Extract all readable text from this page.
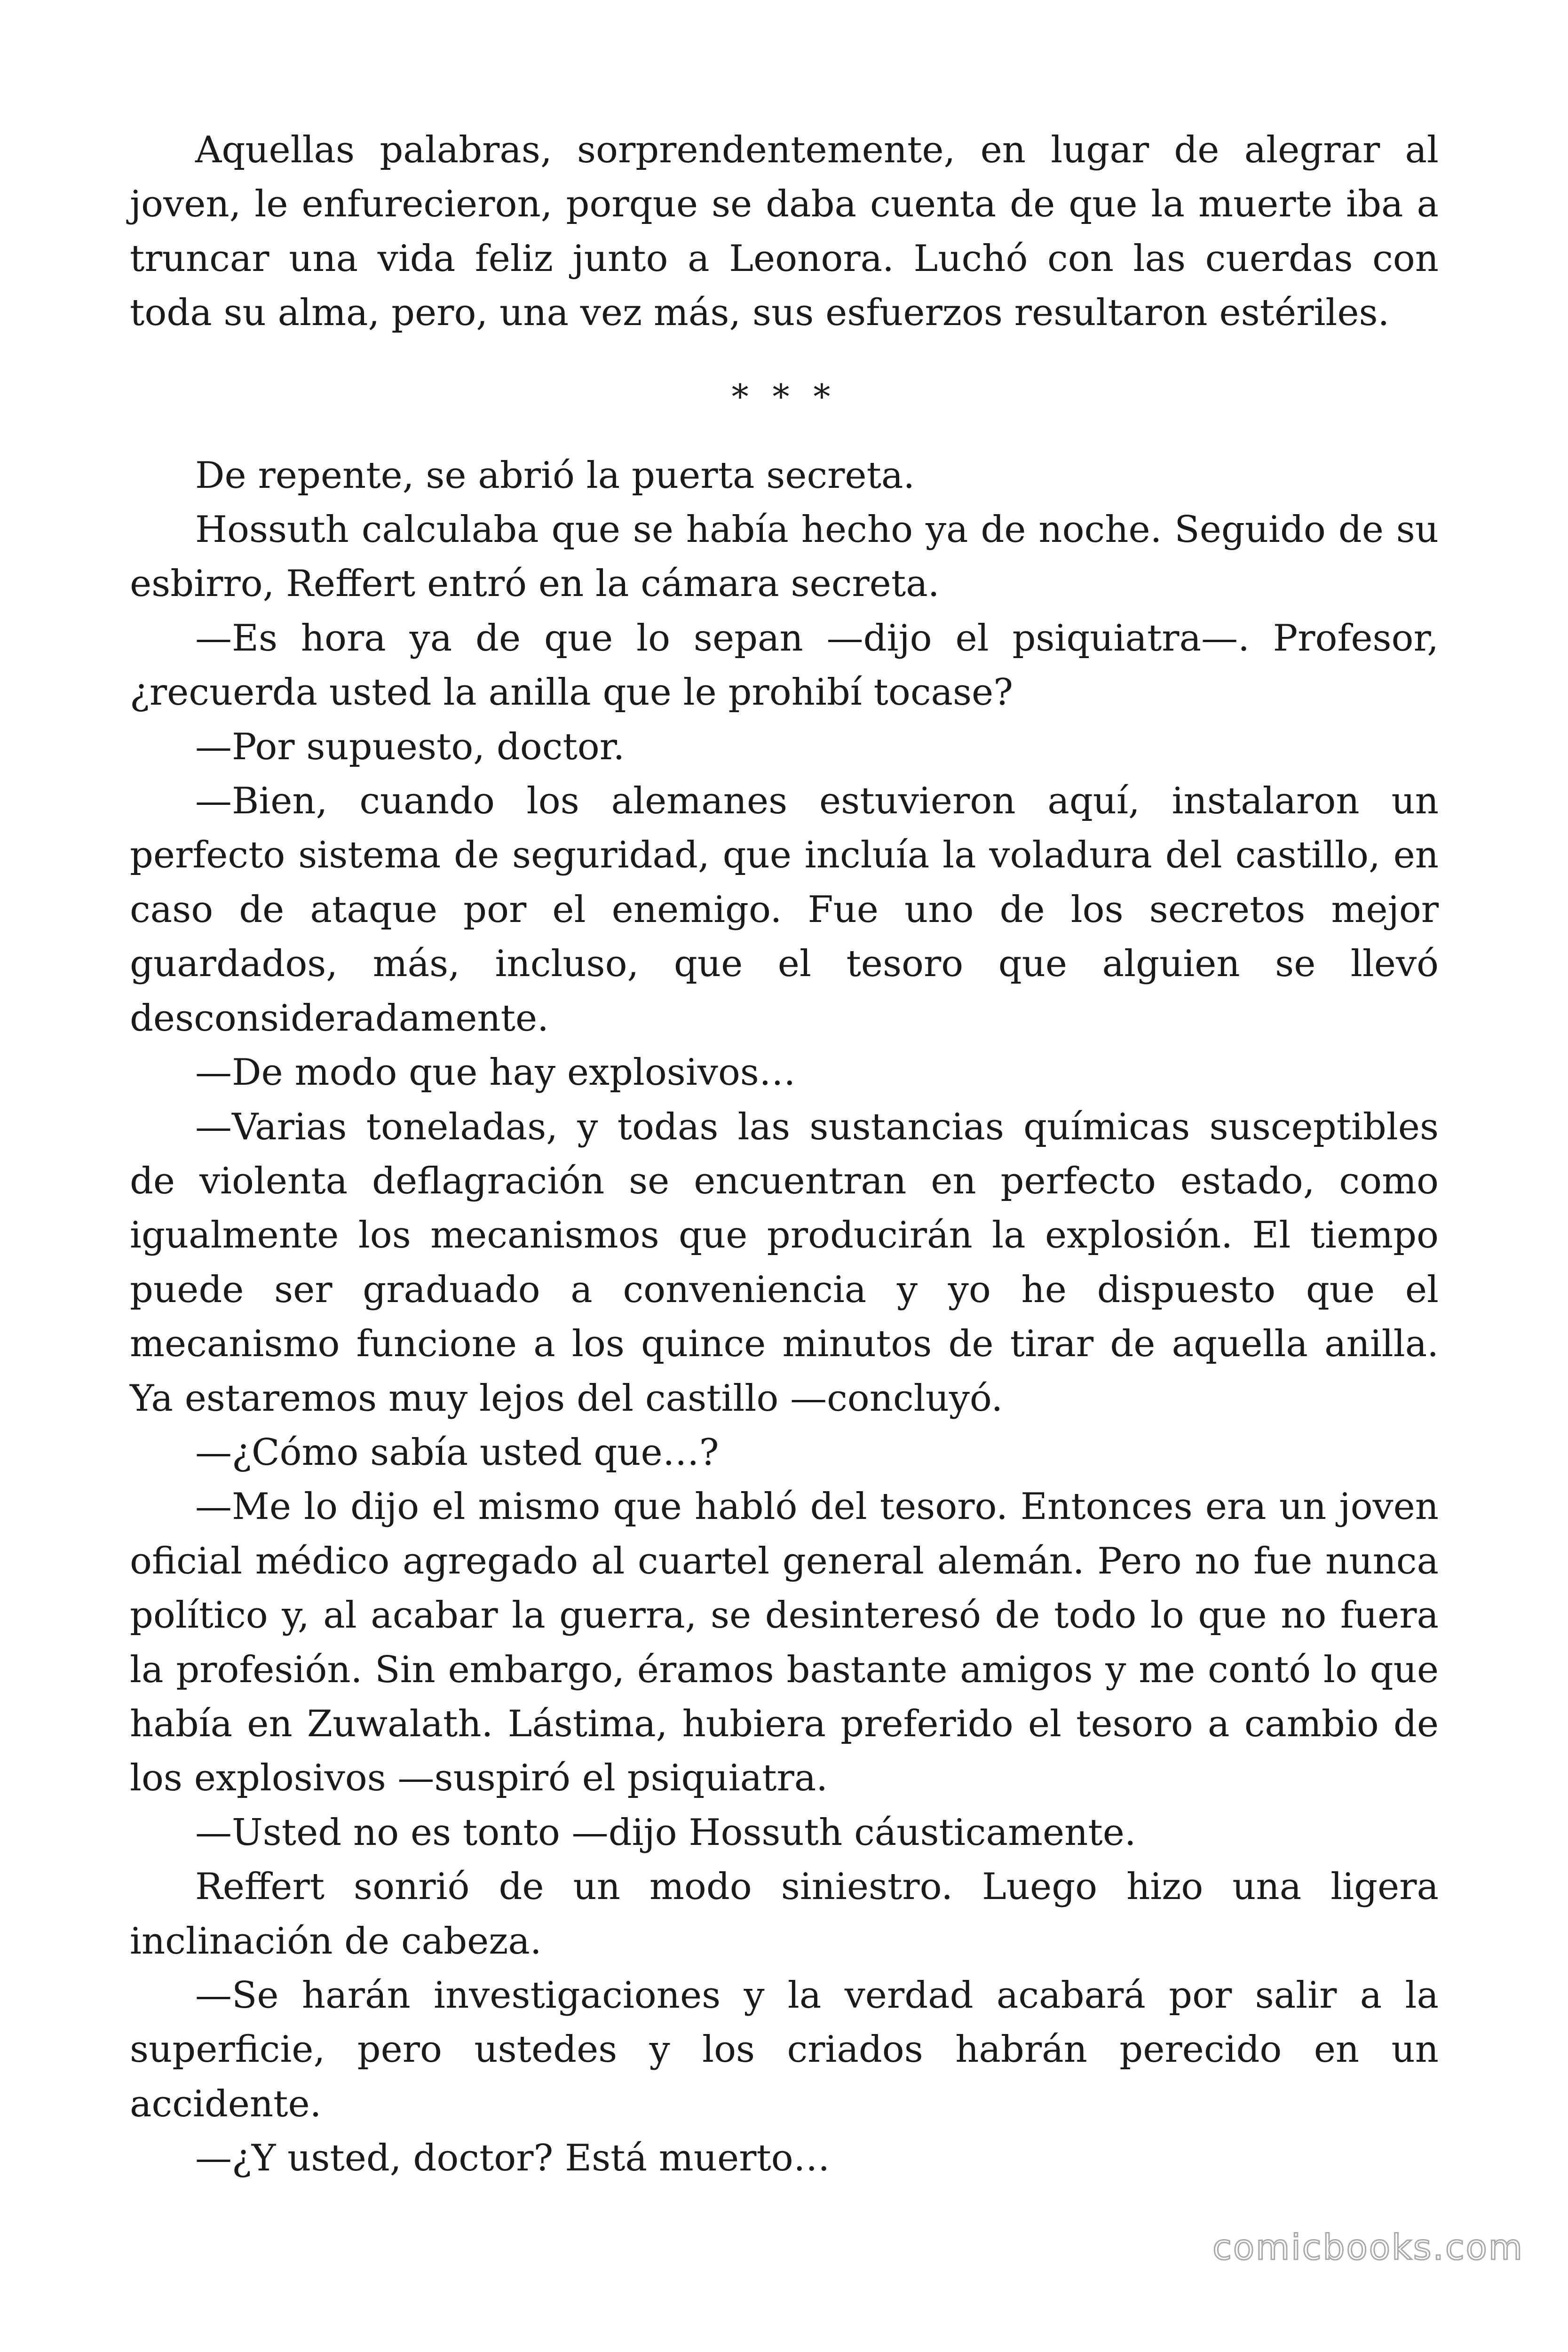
Aquellas palabras, sorprendentemente, en lugar de alegrar al joven, le enfurecieron, porque se daba cuenta de que la muerte iba a truncar una vida feliz junto a Leonora. Luchó con las cuerdas con toda su alma, pero, una vez más, sus esfuerzos resultaron estériles.

* * *

De repente, se abrió la puerta secreta.

Hossuth calculaba que se había hecho ya de noche. Seguido de su esbirro, Reffert entró en la cámara secreta.

—Es hora ya de que lo sepan —dijo el psiquiatra—. Profesor, ¿recuerda usted la anilla que le prohibí tocase?

—Por supuesto, doctor.

—Bien, cuando los alemanes estuvieron aquí, instalaron un perfecto sistema de seguridad, que incluía la voladura del castillo, en caso de ataque por el enemigo. Fue uno de los secretos mejor guardados, más, incluso, que el tesoro que alguien se llevó desconsideradamente.

—De modo que hay explosivos…

—Varias toneladas, y todas las sustancias químicas susceptibles de violenta deflagración se encuentran en perfecto estado, como igualmente los mecanismos que producirán la explosión. El tiempo puede ser graduado a conveniencia y yo he dispuesto que el mecanismo funcione a los quince minutos de tirar de aquella anilla. Ya estaremos muy lejos del castillo —concluyó.

—¿Cómo sabía usted que…?

—Me lo dijo el mismo que habló del tesoro. Entonces era un joven oficial médico agregado al cuartel general alemán. Pero no fue nunca político y, al acabar la guerra, se desinteresó de todo lo que no fuera la profesión. Sin embargo, éramos bastante amigos y me contó lo que había en Zuwalath. Lástima, hubiera preferido el tesoro a cambio de los explosivos —suspiró el psiquiatra.

—Usted no es tonto —dijo Hossuth cáusticamente.

Reffert sonrió de un modo siniestro. Luego hizo una ligera inclinación de cabeza.

—Se harán investigaciones y la verdad acabará por salir a la superficie, pero ustedes y los criados habrán perecido en un accidente.

—¿Y usted, doctor? Está muerto…

comicbooks.com
